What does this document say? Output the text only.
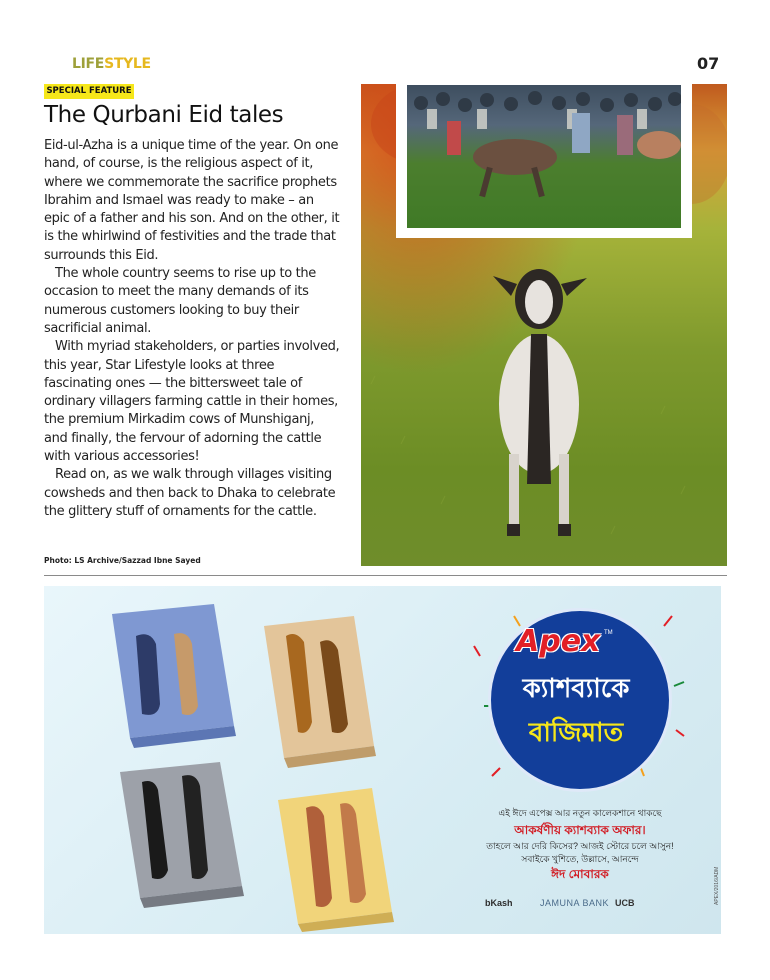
LIFESTYLE	07
SPECIAL FEATURE
The Qurbani Eid tales

Eid-ul-Azha is a unique time of the year. On one hand, of course, is the religious aspect of it, where we commemorate the sacrifice prophets Ibrahim and Ismael was ready to make – an epic of a father and his son. And on the other, it is the whirlwind of festivities and the trade that surrounds this Eid.

The whole country seems to rise up to the occasion to meet the many demands of its numerous customers looking to buy their sacrificial animal.

With myriad stakeholders, or parties involved, this year, Star Lifestyle looks at three fascinating ones — the bittersweet tale of ordinary villagers farming cattle in their homes, the premium Mirkadim cows of Munshiganj, and finally, the fervour of adorning the cattle with various accessories!

Read on, as we walk through villages visiting cowsheds and then back to Dhaka to celebrate the glittery stuff of ornaments for the cattle.

Photo: LS Archive/Sazzad Ibne Sayed
Apex TM
ক্যাশব্যাকে
বাজিমাত
এই ঈদে এপেক্স আর নতুন কালেকশানে থাকছে
আকর্ষণীয় ক্যাশব্যাক অফার।
তাহলে আর দেরি কিসের? আজই স্টোরে চলে আসুন!
সবাইকে খুশিতে, উল্লাসে, আনন্দে
ঈদ মোবারক
bKash	JAMUNA BANK UCB	APEX/2016/ADM
